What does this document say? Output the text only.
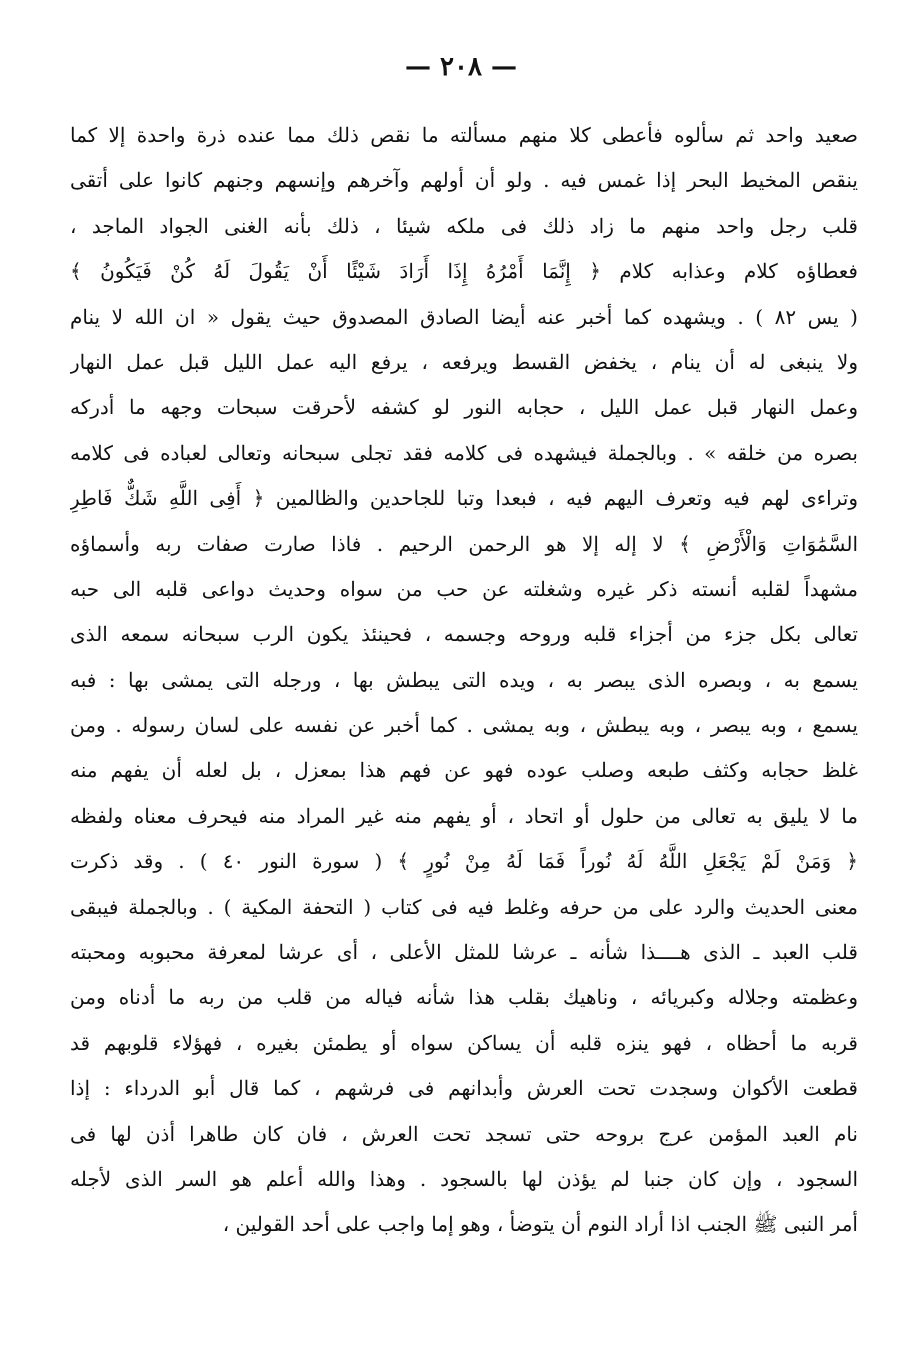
— ٢٠٨ —
صعيد واحد ثم سألوه فأعطى كلا منهم مسألته ما نقص ذلك مما عنده ذرة واحدة إلا كما
ينقص المخيط البحر إذا غمس فيه . ولو أن أولهم وآخرهم وإنسهم وجنهم كانوا على أتقى
قلب رجل واحد منهم ما زاد ذلك فى ملكه شيئا ، ذلك بأنه الغنى الجواد الماجد ،
فعطاؤه كلام وعذابه كلام ﴿ إِنَّمَا أَمْرُهُ إِذَا أَرَادَ شَيْئًا أَنْ يَقُولَ لَهُ كُنْ فَيَكُونُ ﴾
( يس ٨٢ ) . ويشهده كما أخبر عنه أيضا الصادق المصدوق حيث يقول « ان الله لا ينام
ولا ينبغى له أن ينام ، يخفض القسط ويرفعه ، يرفع اليه عمل الليل قبل عمل النهار
وعمل النهار قبل عمل الليل ، حجابه النور لو كشفه لأحرقت سبحات وجهه ما أدركه
بصره من خلقه » . وبالجملة فيشهده فى كلامه فقد تجلى سبحانه وتعالى لعباده فى كلامه
وتراءى لهم فيه وتعرف اليهم فيه ، فبعدا وتبا للجاحدين والظالمين ﴿ أَفِى اللَّهِ شَكٌّ فَاطِرِ
السَّمَٰوَاتِ وَالْأَرْضِ ﴾ لا إله إلا هو الرحمن الرحيم . فاذا صارت صفات ربه وأسماؤه
مشهداً لقلبه أنسته ذكر غيره وشغلته عن حب من سواه وحديث دواعى قلبه الى حبه
تعالى بكل جزء من أجزاء قلبه وروحه وجسمه ، فحينئذ يكون الرب سبحانه سمعه الذى
يسمع به ، وبصره الذى يبصر به ، ويده التى يبطش بها ، ورجله التى يمشى بها : فبه
يسمع ، وبه يبصر ، وبه يبطش ، وبه يمشى . كما أخبر عن نفسه على لسان رسوله . ومن
غلظ حجابه وكثف طبعه وصلب عوده فهو عن فهم هذا بمعزل ، بل لعله أن يفهم منه
ما لا يليق به تعالى من حلول أو اتحاد ، أو يفهم منه غير المراد منه فيحرف معناه ولفظه
﴿ وَمَنْ لَمْ يَجْعَلِ اللَّهُ لَهُ نُوراً فَمَا لَهُ مِنْ نُورٍ ﴾ ( سورة النور ٤٠ ) . وقد ذكرت
معنى الحديث والرد على من حرفه وغلط فيه فى كتاب ( التحفة المكية ) . وبالجملة فيبقى
قلب العبد ـ الذى هــــذا شأنه ـ عرشا للمثل الأعلى ، أى عرشا لمعرفة محبوبه ومحبته
وعظمته وجلاله وكبريائه ، وناهيك بقلب هذا شأنه فياله من قلب من ربه ما أدناه ومن
قربه ما أحظاه ، فهو ينزه قلبه أن يساكن سواه أو يطمئن بغيره ، فهؤلاء قلوبهم قد
قطعت الأكوان وسجدت تحت العرش وأبدانهم فى فرشهم ، كما قال أبو الدرداء : إذا
نام العبد المؤمن عرج بروحه حتى تسجد تحت العرش ، فان كان طاهرا أذن لها فى
السجود ، وإن كان جنبا لم يؤذن لها بالسجود . وهذا والله أعلم هو السر الذى لأجله
أمر النبى ﷺ الجنب اذا أراد النوم أن يتوضأ ، وهو إما واجب على أحد القولين ،
